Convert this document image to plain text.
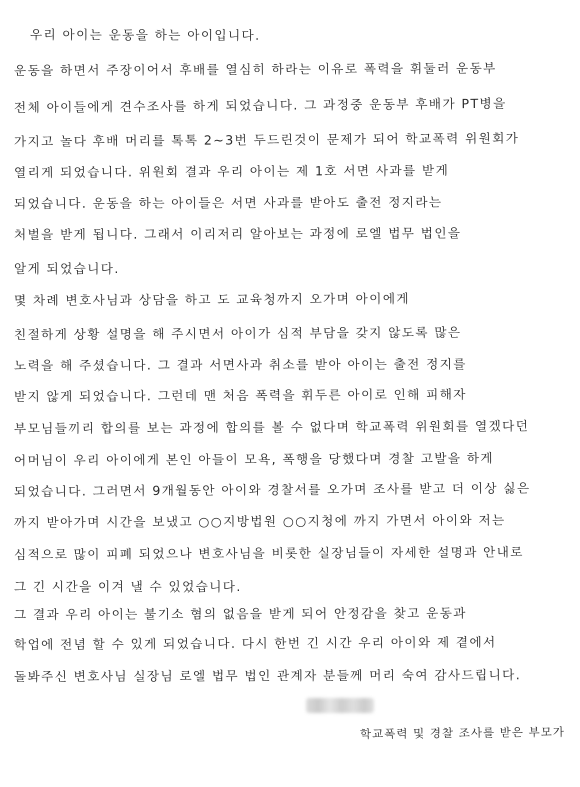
우리 아이는 운동을 하는 아이입니다.
운동을 하면서 주장이어서 후배를 열심히 하라는 이유로 폭력을 휘둘러 운동부
전체 아이들에게 견수조사를 하게 되었습니다. 그 과정중 운동부 후배가 PT병을
가지고 놀다 후배 머리를 톡톡 2~3번 두드린것이 문제가 되어 학교폭력 위원회가
열리게 되었습니다. 위원회 결과 우리 아이는 제 1호 서면 사과를 받게
되었습니다. 운동을 하는 아이들은 서면 사과를 받아도 출전 정지라는
처벌을 받게 됩니다. 그래서 이리저리 알아보는 과정에 로엘 법무 법인을
알게 되었습니다.
몇 차례 변호사님과 상담을 하고 도 교육청까지 오가며 아이에게
친절하게 상황 설명을 해 주시면서 아이가 심적 부담을 갖지 않도록 많은
노력을 해 주셨습니다. 그 결과 서면사과 취소를 받아 아이는 출전 정지를
받지 않게 되었습니다. 그런데 맨 처음 폭력을 휘두른 아이로 인해 피해자
부모님들끼리 합의를 보는 과정에 합의를 볼 수 없다며 학교폭력 위원회를 열겠다던
어머님이 우리 아이에게 본인 아들이 모욕, 폭행을 당했다며 경찰 고발을 하게
되었습니다. 그러면서 9개월동안 아이와 경찰서를 오가며 조사를 받고 더 이상 싫은
까지 받아가며 시간을 보냈고 ○○지방법원 ○○지청에 까지 가면서 아이와 저는
심적으로 많이 피폐 되었으나 변호사님을 비롯한 실장님들이 자세한 설명과 안내로
그 긴 시간을 이겨 낼 수 있었습니다.
그 결과 우리 아이는 불기소 혐의 없음을 받게 되어 안정감을 찾고 운동과
학업에 전념 할 수 있게 되었습니다. 다시 한번 긴 시간 우리 아이와 제 곁에서
돌봐주신 변호사님 실장님 로엘 법무 법인 관계자 분들께 머리 숙여 감사드립니다.
학교폭력 및 경찰 조사를 받은 부모가
